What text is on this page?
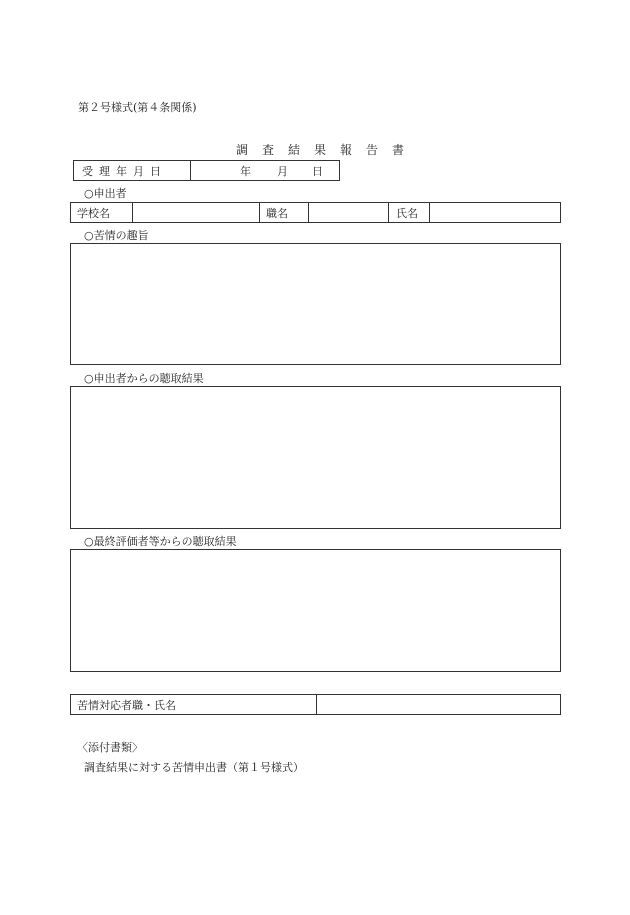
第２号様式(第４条関係)
調査結果報告書
受理年月日	年 月 日
○申出者
学校名	職名	氏名
○苦情の趣旨
○申出者からの聴取結果
○最終評価者等からの聴取結果
苦情対応者職・氏名
〈添付書類〉
調査結果に対する苦情申出書（第１号様式）
